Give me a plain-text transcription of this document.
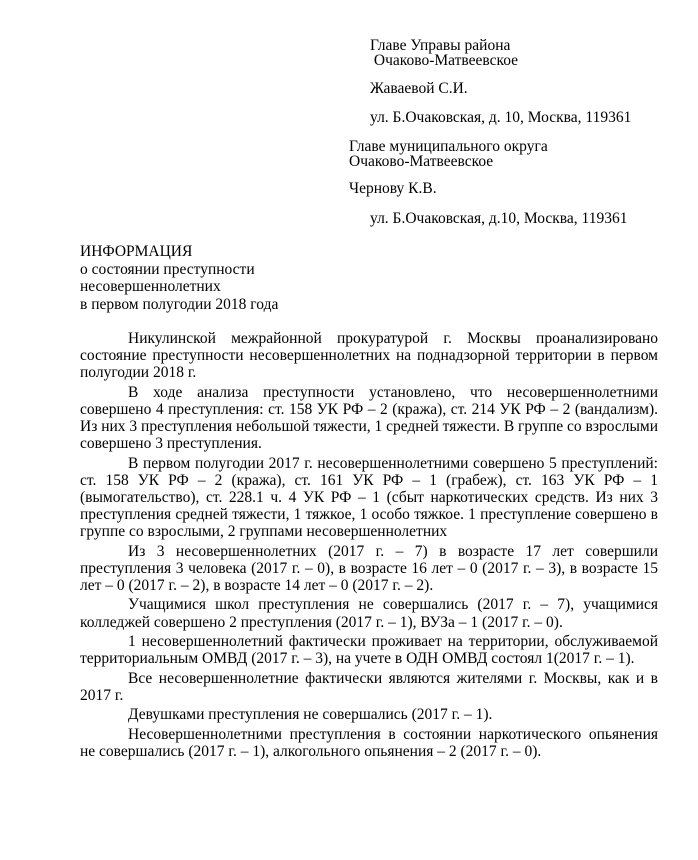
Главе Управы района
Очаково-Матвеевское
Жаваевой С.И.
ул. Б.Очаковская, д. 10, Москва, 119361
Главе муниципального округа
Очаково-Матвеевское
Чернову К.В.
ул. Б.Очаковская, д.10, Москва, 119361
ИНФОРМАЦИЯ
о состоянии преступности
несовершеннолетних
в первом полугодии 2018 года

Никулинской межрайонной прокуратурой г. Москвы проанализировано состояние преступности несовершеннолетних на поднадзорной территории в первом полугодии 2018 г.

В ходе анализа преступности установлено, что несовершеннолетними совершено 4 преступления: ст. 158 УК РФ – 2 (кража), ст. 214 УК РФ – 2 (вандализм). Из них 3 преступления небольшой тяжести, 1 средней тяжести. В группе со взрослыми совершено 3 преступления.

В первом полугодии 2017 г. несовершеннолетними совершено 5 преступлений: ст. 158 УК РФ – 2 (кража), ст. 161 УК РФ – 1 (грабеж), ст. 163 УК РФ – 1 (вымогательство), ст. 228.1 ч. 4 УК РФ – 1 (сбыт наркотических средств. Из них 3 преступления средней тяжести, 1 тяжкое, 1 особо тяжкое. 1 преступление совершено в группе со взрослыми, 2 группами несовершеннолетних

Из 3 несовершеннолетних (2017 г. – 7) в возрасте 17 лет совершили преступления 3 человека (2017 г. – 0), в возрасте 16 лет – 0 (2017 г. – 3), в возрасте 15 лет – 0 (2017 г. – 2), в возрасте 14 лет – 0 (2017 г. – 2).

Учащимися школ преступления не совершались (2017 г. – 7), учащимися колледжей совершено 2 преступления (2017 г. – 1), ВУЗа – 1 (2017 г. – 0).

1 несовершеннолетний фактически проживает на территории, обслуживаемой территориальным ОМВД (2017 г. – 3), на учете в ОДН ОМВД состоял 1(2017 г. – 1).

Все несовершеннолетние фактически являются жителями г. Москвы, как и в 2017 г.

Девушками преступления не совершались (2017 г. – 1).

Несовершеннолетними преступления в состоянии наркотического опьянения не совершались (2017 г. – 1), алкогольного опьянения – 2 (2017 г. – 0).
